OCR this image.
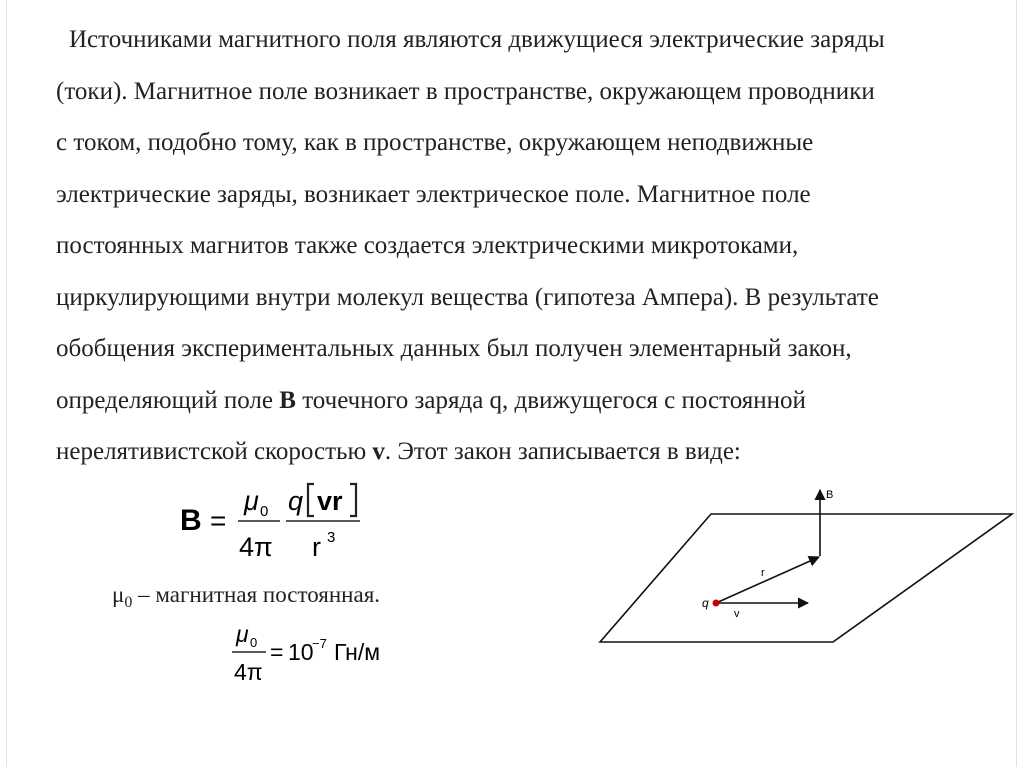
Источниками магнитного поля являются движущиеся электрические заряды
(токи). Магнитное поле возникает в пространстве, окружающем проводники
с током, подобно тому, как в пространстве, окружающем неподвижные
электрические заряды, возникает электрическое поле. Магнитное поле
постоянных магнитов также создается электрическими микротоками,
циркулирующими внутри молекул вещества (гипотеза Ампера). В результате
обобщения экспериментальных данных был получен элементарный закон,
определяющий поле B точечного заряда q, движущегося с постоянной
нерелятивистской скоростью v. Этот закон записывается в виде:
B =
μ 0
4π
q vr
r 3
$\mu_0$ – магнитная постоянная.
μ 0
4π
= 10
−7 Гн/м
B
r
v
q
